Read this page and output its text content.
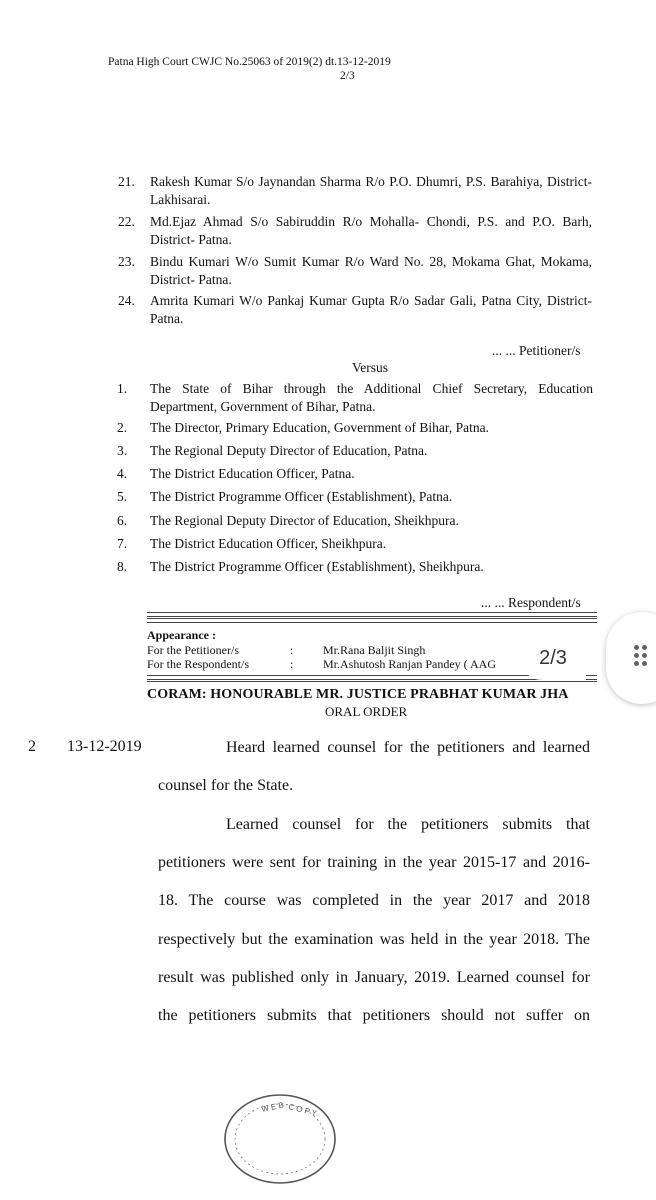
Patna High Court CWJC No.25063 of 2019(2) dt.13-12-2019
2/3
21. Rakesh Kumar S/o Jaynandan Sharma R/o P.O. Dhumri, P.S. Barahiya, District- Lakhisarai.
22. Md.Ejaz Ahmad S/o Sabiruddin R/o Mohalla- Chondi, P.S. and P.O. Barh, District- Patna.
23. Bindu Kumari W/o Sumit Kumar R/o Ward No. 28, Mokama Ghat, Mokama, District- Patna.
24. Amrita Kumari W/o Pankaj Kumar Gupta R/o Sadar Gali, Patna City, District- Patna.
... ... Petitioner/s
Versus
1. The State of Bihar through the Additional Chief Secretary, Education Department, Government of Bihar, Patna.
2. The Director, Primary Education, Government of Bihar, Patna.
3. The Regional Deputy Director of Education, Patna.
4. The District Education Officer, Patna.
5. The District Programme Officer (Establishment), Patna.
6. The Regional Deputy Director of Education, Sheikhpura.
7. The District Education Officer, Sheikhpura.
8. The District Programme Officer (Establishment), Sheikhpura.
... ... Respondent/s
Appearance :
For the Petitioner/s	: Mr.Rana Baljit Singh
For the Respondent/s	: Mr.Ashutosh Ranjan Pandey ( AAG
CORAM: HONOURABLE MR. JUSTICE PRABHAT KUMAR JHA
ORAL ORDER
2 13-12-2019	Heard learned counsel for the petitioners and learned
counsel for the State.
Learned counsel for the petitioners submits that
petitioners were sent for training in the year 2015-17 and 2016-
18. The course was completed in the year 2017 and 2018
respectively but the examination was held in the year 2018. The
result was published only in January, 2019. Learned counsel for
the petitioners submits that petitioners should not suffer on
2/3
W E B C O P Y
